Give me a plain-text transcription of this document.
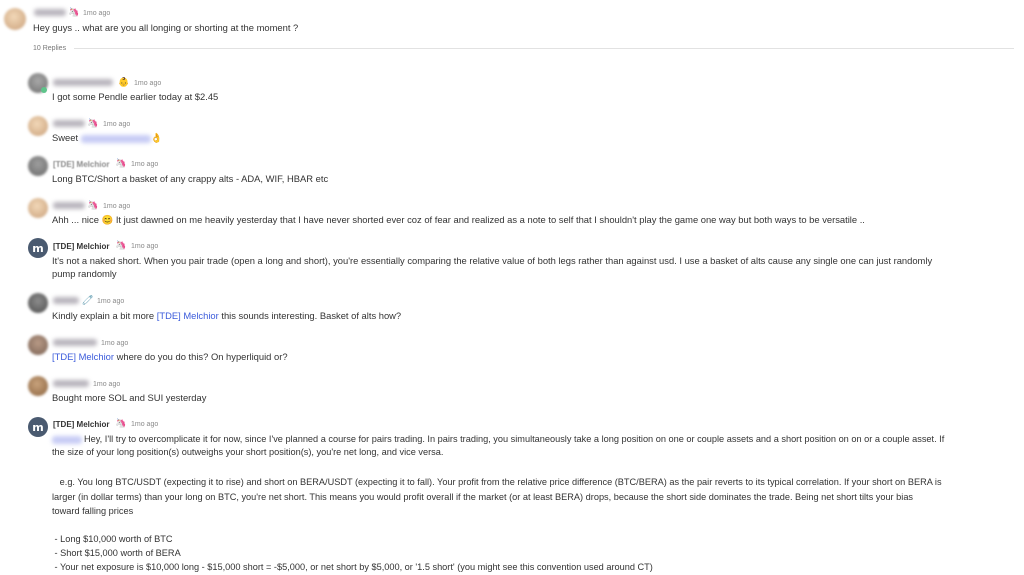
🦄 1mo ago
Hey guys .. what are you all longing or shorting at the moment ?
10 Replies
👶 1mo ago
I got some Pendle earlier today at $2.45
🦄 1mo ago
Sweet	👌
[TDE] Melchior 🦄 1mo ago
Long BTC/Short a basket of any crappy alts - ADA, WIF, HBAR etc
🦄 1mo ago
Ahh ... nice 😊 It just dawned on me heavily yesterday that I have never shorted ever coz of fear and realized as a note to self that I shouldn't play the game one way but both ways to be versatile ..
m [TDE] Melchior 🦄 1mo ago
It's not a naked short. When you pair trade (open a long and short), you're essentially comparing the relative value of both legs rather than against usd. I use a basket of alts cause any single one can just randomly
pump randomly
🧷 1mo ago
Kindly explain a bit more [TDE] Melchior this sounds interesting. Basket of alts how?
1mo ago
[TDE] Melchior where do you do this? On hyperliquid or?
1mo ago
Bought more SOL and SUI yesterday
m [TDE] Melchior 🦄 1mo ago
Hey, I'll try to overcomplicate it for now, since I've planned a course for pairs trading. In pairs trading, you simultaneously take a long position on one or couple assets and a short position on on or a couple asset. If
the size of your long position(s) outweighs your short position(s), you're net long, and vice versa.
e.g. You long BTC/USDT (expecting it to rise) and short on BERA/USDT (expecting it to fall). Your profit from the relative price difference (BTC/BERA) as the pair reverts to its typical correlation. If your short on BERA is
larger (in dollar terms) than your long on BTC, you're net short. This means you would profit overall if the market (or at least BERA) drops, because the short side dominates the trade. Being net short tilts your bias
toward falling prices
- Long $10,000 worth of BTC
- Short $15,000 worth of BERA
- Your net exposure is $10,000 long - $15,000 short = -$5,000, or net short by $5,000, or '1.5 short' (you might see this convention used around CT)
